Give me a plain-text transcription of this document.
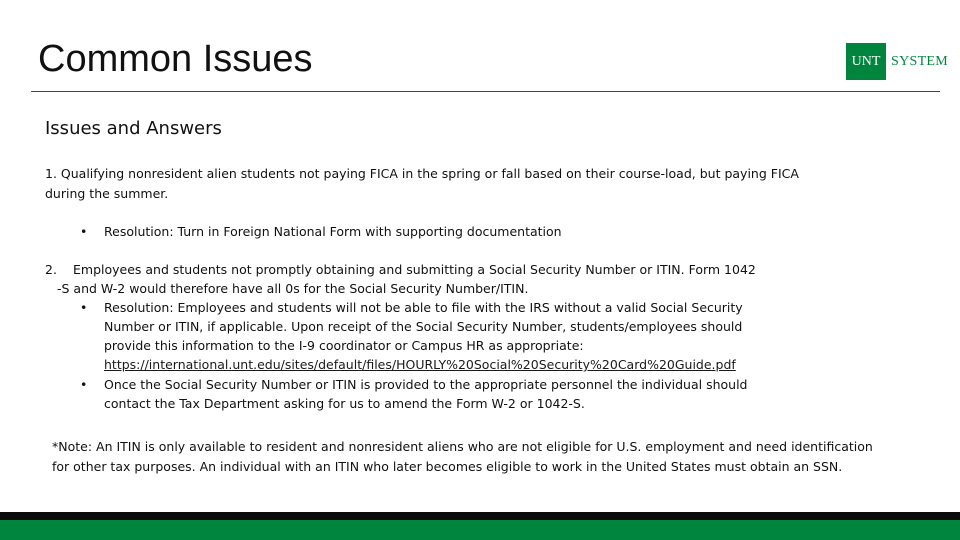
Common Issues	UNT SYSTEM
Issues and Answers
1. Qualifying nonresident alien students not paying FICA in the spring or fall based on their course-load, but paying FICA during the summer.
• Resolution: Turn in Foreign National Form with supporting documentation
2. Employees and students not promptly obtaining and submitting a Social Security Number or ITIN. Form 1042
-S and W-2 would therefore have all 0s for the Social Security Number/ITIN.
• Resolution: Employees and students will not be able to file with the IRS without a valid Social Security Number or ITIN, if applicable. Upon receipt of the Social Security Number, students/employees should provide this information to the I-9 coordinator or Campus HR as appropriate:
https://international.unt.edu/sites/default/files/HOURLY%20Social%20Security%20Card%20Guide.pdf
• Once the Social Security Number or ITIN is provided to the appropriate personnel the individual should contact the Tax Department asking for us to amend the Form W-2 or 1042-S.
*Note: An ITIN is only available to resident and nonresident aliens who are not eligible for U.S. employment and need identification for other tax purposes. An individual with an ITIN who later becomes eligible to work in the United States must obtain an SSN.
